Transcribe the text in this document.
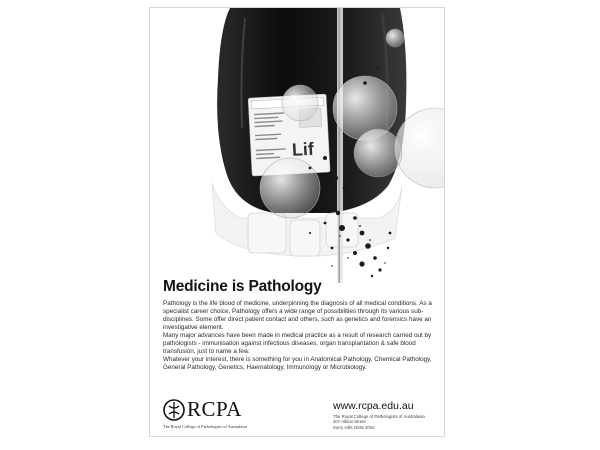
Lif
Medicine is Pathology

Pathology is the life blood of medicine, underpinning the diagnosis of all medical conditions. As a specialist career choice, Pathology offers a wide range of possibilities through its various sub-disciplines. Some offer direct patient contact and others, such as genetics and forensics have an investigative element.

Many major advances have been made in medical practice as a result of research carried out by pathologists - immunisation against infectious diseases, organ transplantation & safe blood transfusion, just to name a few.

Whatever your interest, there is something for you in Anatomical Pathology, Chemical Pathology, General Pathology, Genetics, Haematology, Immunology or Microbiology.

RCPA
The Royal College of Pathologists of Australasia
www.rcpa.edu.au
The Royal College of Pathologists of Australasia
207 Albion Street
Surry Hills NSW 2010
